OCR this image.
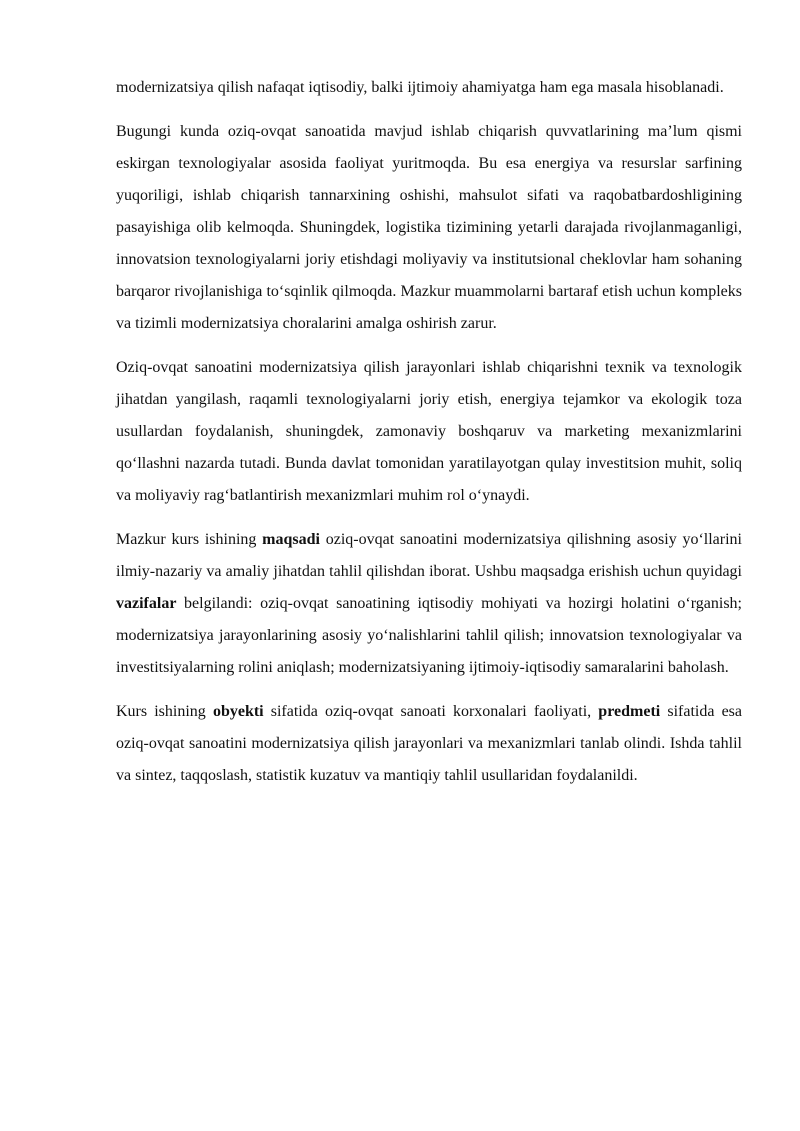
modernizatsiya qilish nafaqat iqtisodiy, balki ijtimoiy ahamiyatga ham ega masala hisoblanadi.

Bugungi kunda oziq-ovqat sanoatida mavjud ishlab chiqarish quvvatlarining ma’lum qismi eskirgan texnologiyalar asosida faoliyat yuritmoqda. Bu esa energiya va resurslar sarfining yuqoriligi, ishlab chiqarish tannarxining oshishi, mahsulot sifati va raqobatbardoshligining pasayishiga olib kelmoqda. Shuningdek, logistika tizimining yetarli darajada rivojlanmaganligi, innovatsion texnologiyalarni joriy etishdagi moliyaviy va institutsional cheklovlar ham sohaning barqaror rivojlanishiga to‘sqinlik qilmoqda. Mazkur muammolarni bartaraf etish uchun kompleks va tizimli modernizatsiya choralarini amalga oshirish zarur.

Oziq-ovqat sanoatini modernizatsiya qilish jarayonlari ishlab chiqarishni texnik va texnologik jihatdan yangilash, raqamli texnologiyalarni joriy etish, energiya tejamkor va ekologik toza usullardan foydalanish, shuningdek, zamonaviy boshqaruv va marketing mexanizmlarini qo‘llashni nazarda tutadi. Bunda davlat tomonidan yaratilayotgan qulay investitsion muhit, soliq va moliyaviy rag‘batlantirish mexanizmlari muhim rol o‘ynaydi.

Mazkur kurs ishining maqsadi oziq-ovqat sanoatini modernizatsiya qilishning asosiy yo‘llarini ilmiy-nazariy va amaliy jihatdan tahlil qilishdan iborat. Ushbu maqsadga erishish uchun quyidagi vazifalar belgilandi: oziq-ovqat sanoatining iqtisodiy mohiyati va hozirgi holatini o‘rganish; modernizatsiya jarayonlarining asosiy yo‘nalishlarini tahlil qilish; innovatsion texnologiyalar va investitsiyalarning rolini aniqlash; modernizatsiyaning ijtimoiy-iqtisodiy samaralarini baholash.

Kurs ishining obyekti sifatida oziq-ovqat sanoati korxonalari faoliyati, predmeti sifatida esa oziq-ovqat sanoatini modernizatsiya qilish jarayonlari va mexanizmlari tanlab olindi. Ishda tahlil va sintez, taqqoslash, statistik kuzatuv va mantiqiy tahlil usullaridan foydalanildi.
